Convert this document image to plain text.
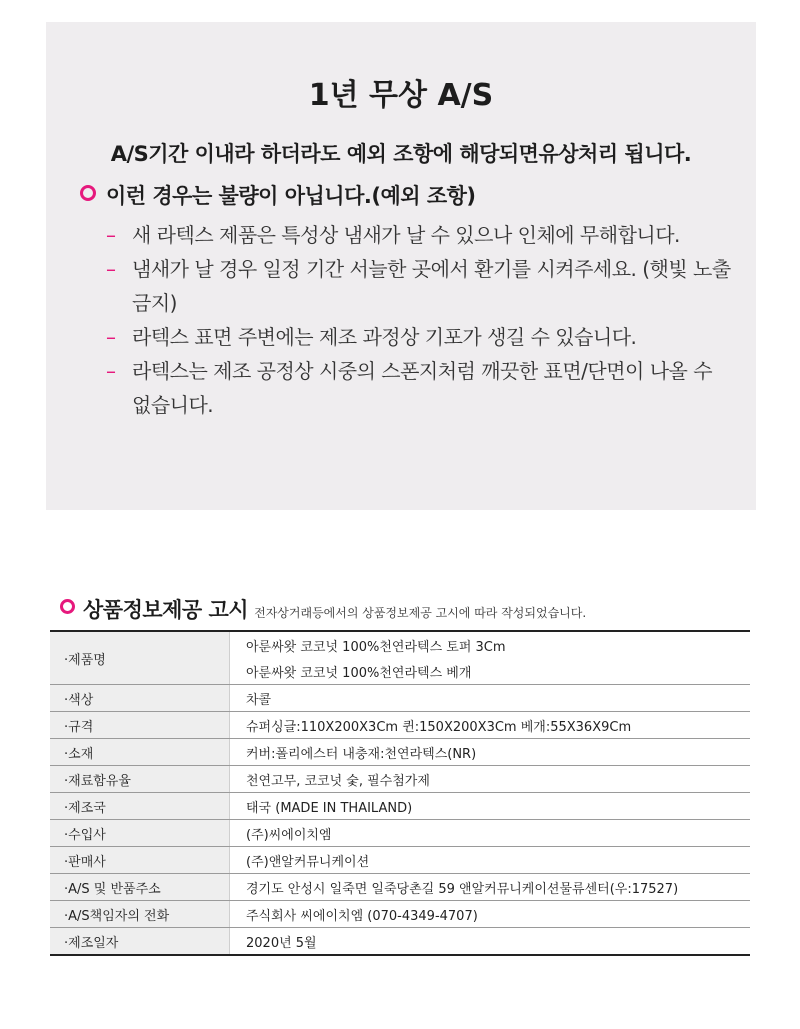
1년 무상 A/S
A/S기간 이내라 하더라도 예외 조항에 해당되면유상처리 됩니다.
이런 경우는 불량이 아닙니다.(예외 조항)
– 새 라텍스 제품은 특성상 냄새가 날 수 있으나 인체에 무해합니다.
– 냄새가 날 경우 일정 기간 서늘한 곳에서 환기를 시켜주세요. (햇빛 노출 금지)
– 라텍스 표면 주변에는 제조 과정상 기포가 생길 수 있습니다.
– 라텍스는 제조 공정상 시중의 스폰지처럼 깨끗한 표면/단면이 나올 수 없습니다.
상품정보제공 고시 전자상거래등에서의 상품정보제공 고시에 따라 작성되었습니다.
·제품명	아룬싸왓 코코넛 100%천연라텍스 토퍼 3Cm
	아룬싸왓 코코넛 100%천연라텍스 베개
·색상	차콜
·규격	슈퍼싱글:110X200X3Cm 퀸:150X200X3Cm 베개:55X36X9Cm
·소재	커버:폴리에스터 내충재:천연라텍스(NR)
·재료함유율	천연고무, 코코넛 숯, 필수첨가제
·제조국	태국 (MADE IN THAILAND)
·수입사	(주)씨에이치엠
·판매사	(주)앤알커뮤니케이션
·A/S 및 반품주소	경기도 안성시 일죽면 일죽당촌길 59 앤알커뮤니케이션물류센터(우:17527)
·A/S책임자의 전화	주식회사 씨에이치엠 (070-4349-4707)
·제조일자	2020년 5월
